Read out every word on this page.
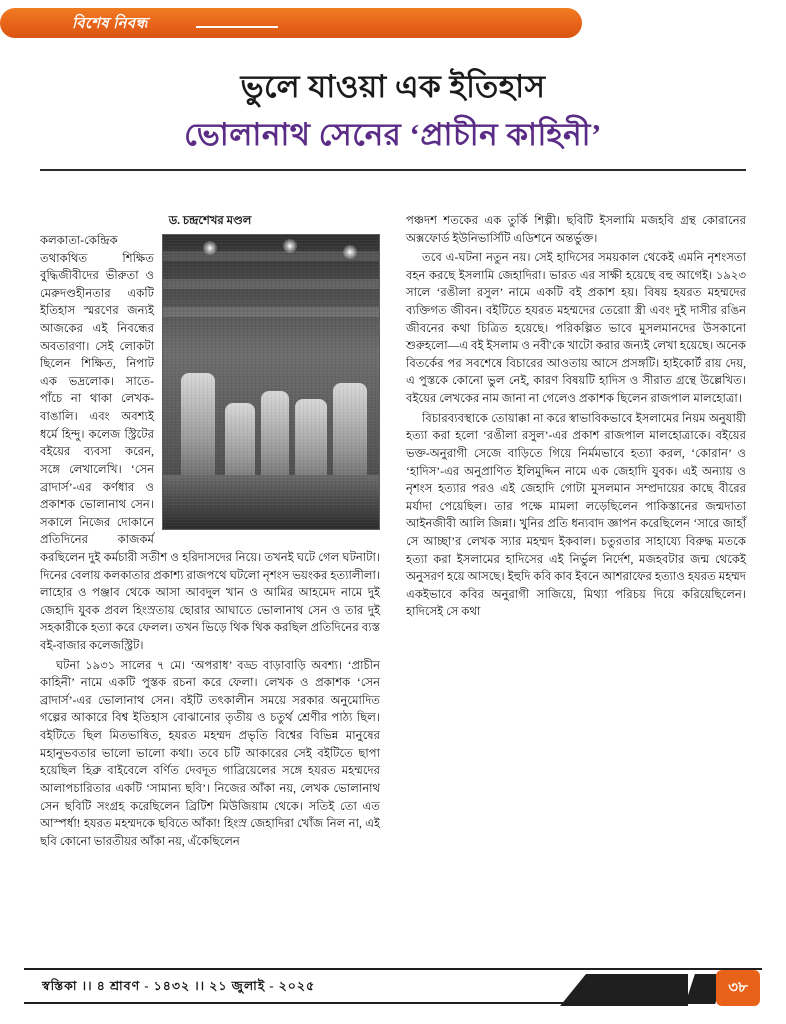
বিশেষ নিবন্ধ
ভুলে যাওয়া এক ইতিহাস
ভোলানাথ সেনের ‘প্রাচীন কাহিনী’
ড. চন্দ্রশেখর মণ্ডল

কলকাতা-কেন্দ্রিক তথাকথিত শিক্ষিত বুদ্ধিজীবীদের ভীরুতা ও মেরুদণ্ডহীনতার একটি ইতিহাস স্মরণের জন্যই আজকের এই নিবন্ধের অবতারণা। সেই লোকটা ছিলেন শিক্ষিত, নিপাট এক ভদ্রলোক। সাতে-পাঁচে না থাকা লেখক-বাঙালি। এবং অবশ্যই ধর্মে হিন্দু। কলেজ স্ট্রিটের বইয়ের ব্যবসা করেন, সঙ্গে লেখালেখি। ‘সেন ব্রাদার্স’-এর কর্ণধার ও প্রকাশক ভোলানাথ সেন। সকালে নিজের দোকানে প্রতিদিনের কাজকর্ম করছিলেন দুই কর্মচারী সতীশ ও হরিদাসদের নিয়ে। তখনই ঘটে গেল ঘটনাটা। দিনের বেলায় কলকাতার প্রকাশ্য রাজপথে ঘটলো নৃশংস ভয়ংকর হত্যালীলা। লাহোর ও পঞ্জাব থেকে আসা আবদুল খান ও আমির আহমেদ নামে দুই জেহাদি যুবক প্রবল হিংস্রতায় ছোরার আঘাতে ভোলানাথ সেন ও তার দুই সহকারীকে হত্যা করে ফেলল। তখন ভিড়ে থিক থিক করছিল প্রতিদিনের ব্যস্ত বই-বাজার কলেজস্ট্রিট।

ঘটনা ১৯৩১ সালের ৭ মে। ‘অপরাধ’ বড্ড বাড়াবাড়ি অবশ্য। ‘প্রাচীন কাহিনী’ নামে একটি পুস্তক রচনা করে ফেলা। লেখক ও প্রকাশক ‘সেন ব্রাদার্স’-এর ভোলানাথ সেন। বইটি তৎকালীন সময়ে সরকার অনুমোদিত গল্পের আকারে বিশ্ব ইতিহাস বোঝানোর তৃতীয় ও চতুর্থ শ্রেণীর পাঠ্য ছিল। বইটিতে ছিল মিতভাষিত, হযরত মহম্মদ প্রভৃতি বিশ্বের বিভিন্ন মানুষের মহানুভবতার ভালো ভালো কথা। তবে চটি আকারের সেই বইটিতে ছাপা হয়েছিল হিব্রু বাইবেলে বর্ণিত দেবদূত গাব্রিয়েলের সঙ্গে হযরত মহম্মদের আলাপচারিতার একটি ‘সামান্য ছবি’। নিজের আঁকা নয়, লেখক ভোলানাথ সেন ছবিটি সংগ্রহ করেছিলেন ব্রিটিশ মিউজিয়াম থেকে। সতিই তো এত আস্পর্ধা! হযরত মহম্মদকে ছবিতে আঁকা! হিংস্র জেহাদিরা খোঁজ নিল না, এই ছবি কোনো ভারতীয়র আঁকা নয়, এঁকেছিলেন

পঞ্চদশ শতকের এক তুর্কি শিল্পী। ছবিটি ইসলামি মজহবি গ্রন্থ কোরানের অক্সফোর্ড ইউনিভার্সিটি এডিশনে অন্তর্ভুক্ত।

তবে এ-ঘটনা নতুন নয়। সেই হাদিসের সময়কাল থেকেই এমনি নৃশংসতা বহন করছে ইসলামি জেহাদিরা। ভারত এর সাক্ষী হয়েছে বহু আগেই। ১৯২৩ সালে ‘রঙীলা রসুল’ নামে একটি বই প্রকাশ হয়। বিষয় হযরত মহম্মদের ব্যক্তিগত জীবন। বইটিতে হযরত মহম্মদের তেরোা স্ত্রী এবং দুই দাসীর রঙিন জীবনের কথা চিত্রিত হয়েছে। পরিকল্পিত ভাবে মুসলমানদের উসকানো শুরুহলো—এ বই ইসলাম ও নবী'কে খাটো করার জন্যই লেখা হয়েছে। অনেক বিতর্কের পর সবশেষে বিচারের আওতায় আসে প্রসঙ্গটি। হাইকোর্ট রায় দেয়, এ পুস্তকে কোনো ভুল নেই, কারণ বিষয়টি হাদিস ও সীরাত গ্রন্থে উল্লেখিত। বইয়ের লেখকের নাম জানা না গেলেও প্রকাশক ছিলেন রাজপাল মালহোত্রা।

বিচারব্যবস্থাকে তোয়াক্কা না করে স্বাভাবিকভাবে ইসলামের নিয়ম অনুযায়ী হত্যা করা হলো ‘রঙীলা রসুল’-এর প্রকাশ রাজপাল মালহোত্রাকে। বইয়ের ভক্ত-অনুরাগী সেজে বাড়িতে গিয়ে নির্মমভাবে হত্যা করল, ‘কোরান’ ও ‘হাদিস’-এর অনুপ্রাণিত ইলিমুদ্দিন নামে এক জেহাদি যুবক। এই অন্যায় ও নৃশংস হত্যার পরও এই জেহাদি গোটা মুসলমান সম্প্রদায়ের কাছে বীরের মর্যাদা পেয়েছিল। তার পক্ষে মামলা লড়েছিলেন পাকিস্তানের জন্মদাতা আইনজীবী আলি জিন্না। খুনির প্রতি ধন্যবাদ জ্ঞাপন করেছিলেন ‘সারে জাহাঁ সে আচ্ছা’র লেখক স্যার মহম্মদ ইকবাল। চতুরতার সাহায্যে বিরুদ্ধ মতকে হত্যা করা ইসলামের হাদিসের এই নির্ভুল নির্দেশ, মজহবটার জন্ম থেকেই অনুসরণ হয়ে আসছে। ইহুদি কবি কাব ইবনে আশরাফের হত্যাও হযরত মহম্মদ একইভাবে কবির অনুরাগী সাজিয়ে, মিথ্যা পরিচয় দিয়ে করিয়েছিলেন। হাদিসেই সে কথা

স্বস্তিকা ।। ৪ শ্রাবণ - ১৪৩২ ।। ২১ জুলাই - ২০২৫	৩৮
